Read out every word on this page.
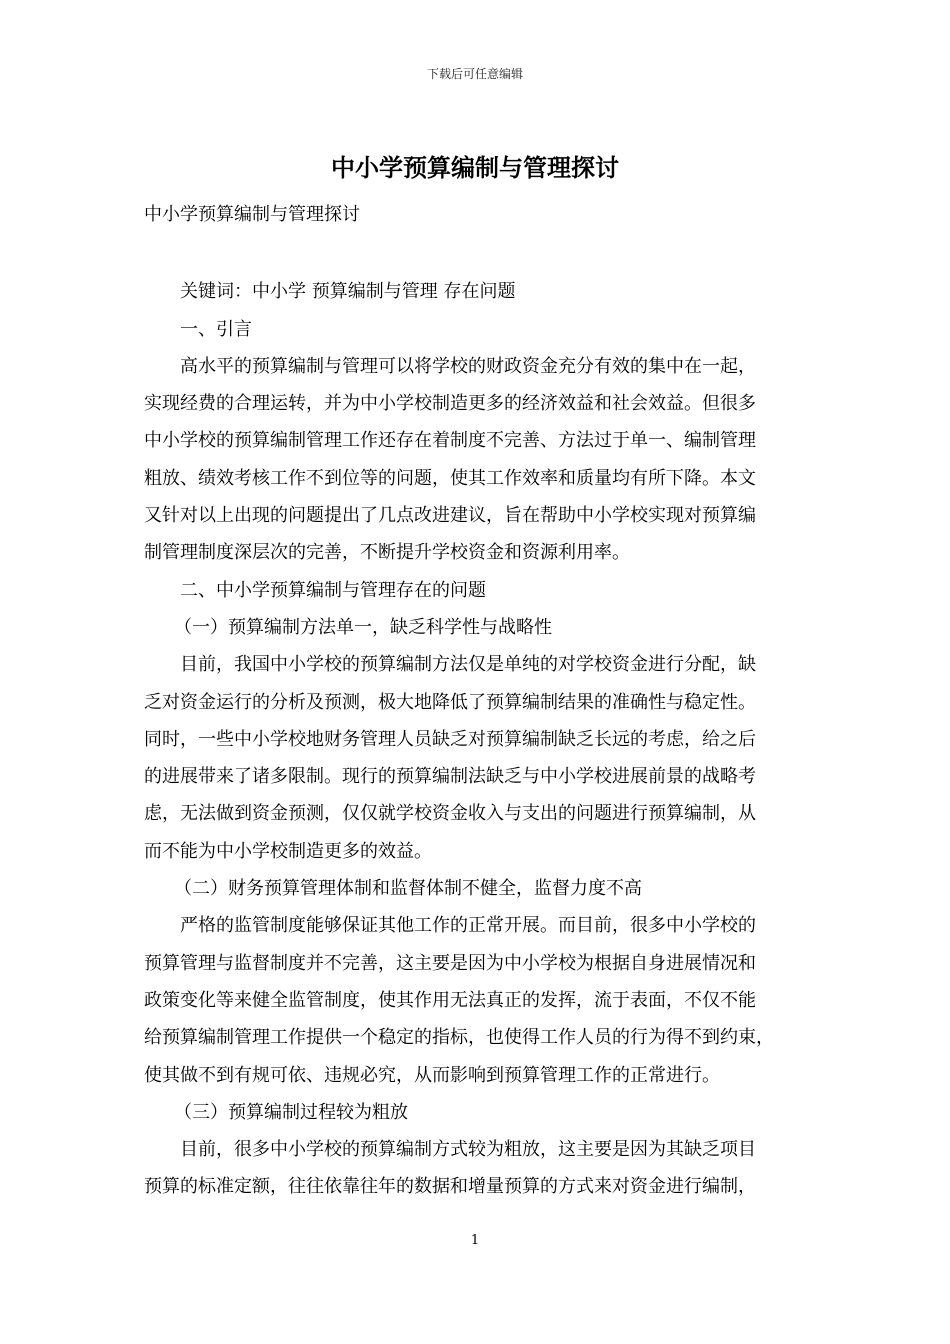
下载后可任意编辑
中小学预算编制与管理探讨
中小学预算编制与管理探讨
关键词：中小学 预算编制与管理 存在问题
一、引言
高水平的预算编制与管理可以将学校的财政资金充分有效的集中在一起，
实现经费的合理运转，并为中小学校制造更多的经济效益和社会效益。但很多
中小学校的预算编制管理工作还存在着制度不完善、方法过于单一、编制管理
粗放、绩效考核工作不到位等的问题，使其工作效率和质量均有所下降。本文
又针对以上出现的问题提出了几点改进建议，旨在帮助中小学校实现对预算编
制管理制度深层次的完善，不断提升学校资金和资源利用率。
二、中小学预算编制与管理存在的问题
（一）预算编制方法单一，缺乏科学性与战略性
目前，我国中小学校的预算编制方法仅是单纯的对学校资金进行分配，缺
乏对资金运行的分析及预测，极大地降低了预算编制结果的准确性与稳定性。
同时，一些中小学校地财务管理人员缺乏对预算编制缺乏长远的考虑，给之后
的进展带来了诸多限制。现行的预算编制法缺乏与中小学校进展前景的战略考
虑，无法做到资金预测，仅仅就学校资金收入与支出的问题进行预算编制，从
而不能为中小学校制造更多的效益。
（二）财务预算管理体制和监督体制不健全，监督力度不高
严格的监管制度能够保证其他工作的正常开展。而目前，很多中小学校的
预算管理与监督制度并不完善，这主要是因为中小学校为根据自身进展情况和
政策变化等来健全监管制度，使其作用无法真正的发挥，流于表面，不仅不能
给预算编制管理工作提供一个稳定的指标，也使得工作人员的行为得不到约束，
使其做不到有规可依、违规必究，从而影响到预算管理工作的正常进行。
（三）预算编制过程较为粗放
目前，很多中小学校的预算编制方式较为粗放，这主要是因为其缺乏项目
预算的标准定额，往往依靠往年的数据和增量预算的方式来对资金进行编制，
1
